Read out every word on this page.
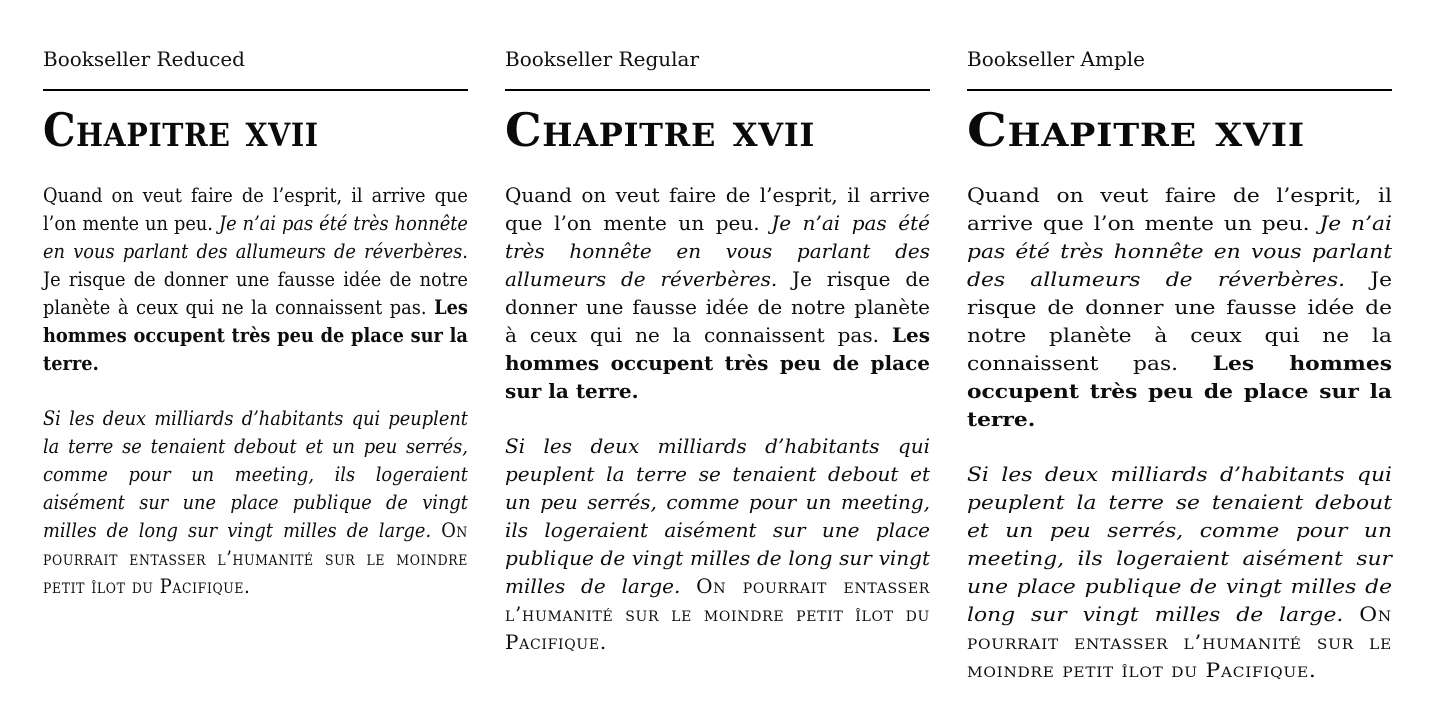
Bookseller Reduced
Chapitre xvii

Quand on veut faire de l’esprit, il arrive que l’on mente un peu. Je n’ai pas été très honnête en vous parlant des allumeurs de réverbères. Je risque de donner une fausse idée de notre planète à ceux qui ne la connaissent pas. Les hommes occupent très peu de place sur la terre.

Si les deux milliards d’habitants qui peuplent la terre se tenaient debout et un peu serrés, comme pour un meeting, ils logeraient aisément sur une place publique de vingt milles de long sur vingt milles de large. On pourrait entasser l’humanité sur le moindre petit îlot du Pacifique.

Bookseller Regular
Chapitre xvii

Quand on veut faire de l’esprit, il arrive que l’on mente un peu. Je n’ai pas été très honnête en vous parlant des allumeurs de réverbères. Je risque de donner une fausse idée de notre planète à ceux qui ne la connaissent pas. Les hommes occupent très peu de place sur la terre.

Si les deux milliards d’habitants qui peuplent la terre se tenaient debout et un peu serrés, comme pour un meeting, ils logeraient aisément sur une place publique de vingt milles de long sur vingt milles de large. On pourrait entasser l’humanité sur le moindre petit îlot du Pacifique.

Bookseller Ample
Chapitre xvii

Quand on veut faire de l’esprit, il arrive que l’on mente un peu. Je n’ai pas été très honnête en vous parlant des allumeurs de réverbères. Je risque de donner une fausse idée de notre planète à ceux qui ne la connaissent pas. Les hommes occupent très peu de place sur la terre.

Si les deux milliards d’habitants qui peuplent la terre se tenaient debout et un peu serrés, comme pour un meeting, ils logeraient aisément sur une place publique de vingt milles de long sur vingt milles de large. On pourrait entasser l’humanité sur le moindre petit îlot du Pacifique.
